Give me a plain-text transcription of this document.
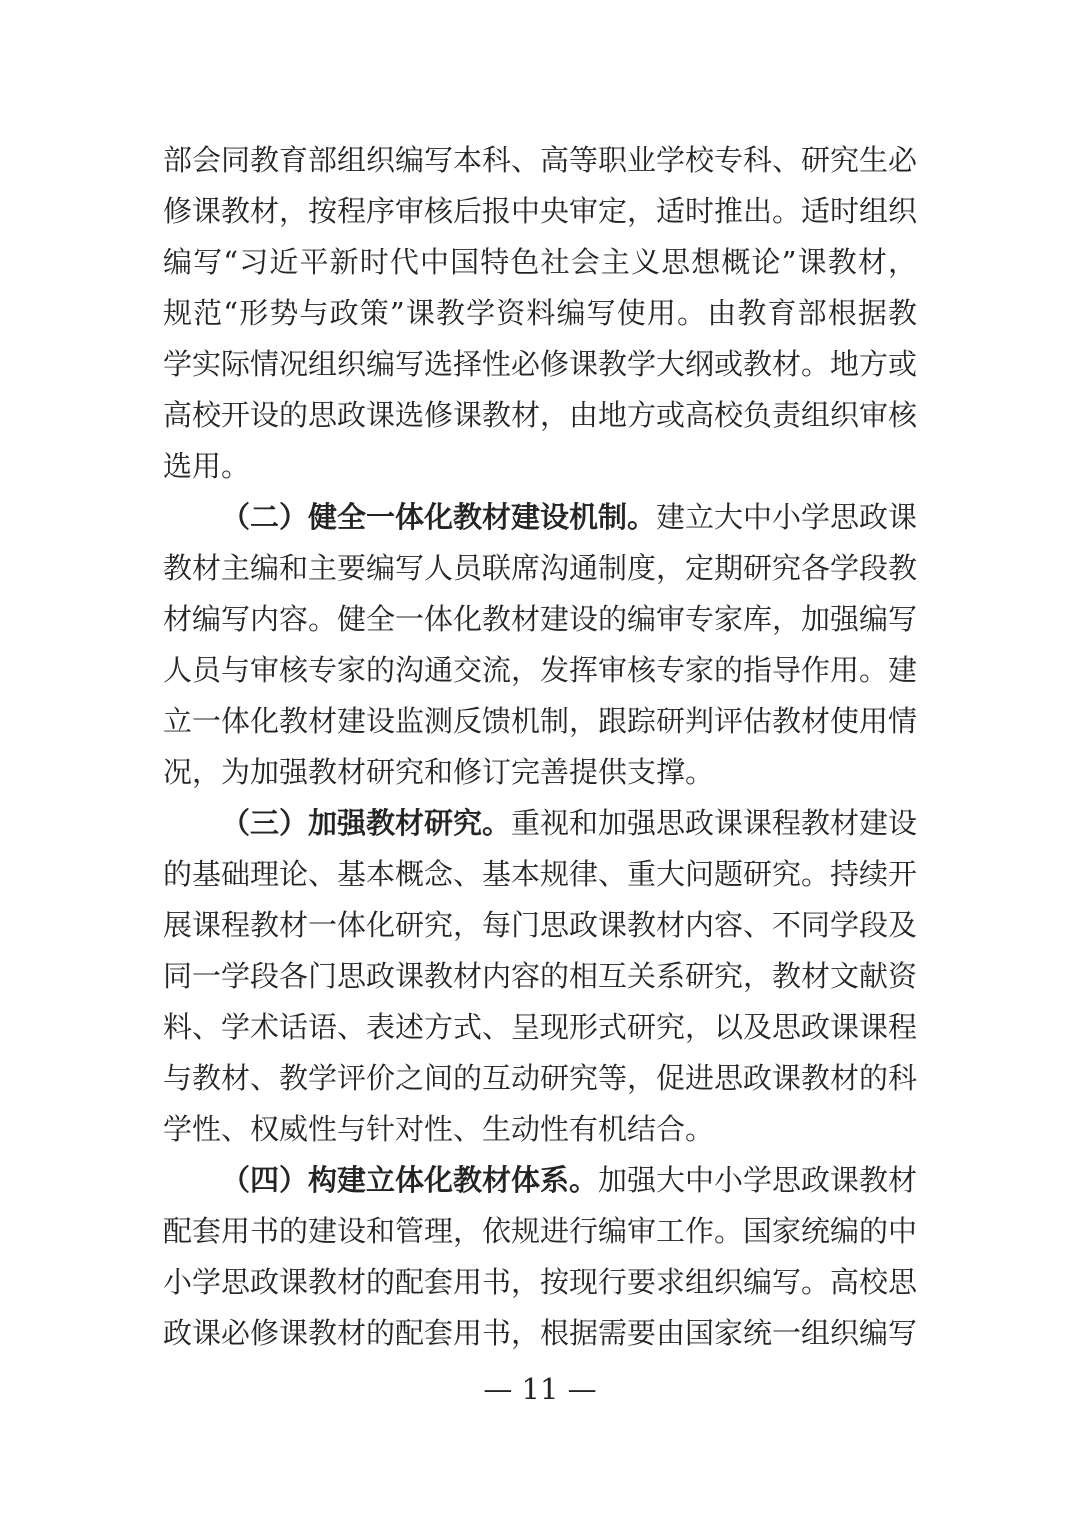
部会同教育部组织编写本科、高等职业学校专科、研究生必
修课教材，按程序审核后报中央审定，适时推出。适时组织
编写“习近平新时代中国特色社会主义思想概论”课教材，
规范“形势与政策”课教学资料编写使用。由教育部根据教
学实际情况组织编写选择性必修课教学大纲或教材。地方或
高校开设的思政课选修课教材，由地方或高校负责组织审核
选用。
（二）健全一体化教材建设机制。建立大中小学思政课
教材主编和主要编写人员联席沟通制度，定期研究各学段教
材编写内容。健全一体化教材建设的编审专家库，加强编写
人员与审核专家的沟通交流，发挥审核专家的指导作用。建
立一体化教材建设监测反馈机制，跟踪研判评估教材使用情
况，为加强教材研究和修订完善提供支撑。
（三）加强教材研究。重视和加强思政课课程教材建设
的基础理论、基本概念、基本规律、重大问题研究。持续开
展课程教材一体化研究，每门思政课教材内容、不同学段及
同一学段各门思政课教材内容的相互关系研究，教材文献资
料、学术话语、表述方式、呈现形式研究，以及思政课课程
与教材、教学评价之间的互动研究等，促进思政课教材的科
学性、权威性与针对性、生动性有机结合。
（四）构建立体化教材体系。加强大中小学思政课教材
配套用书的建设和管理，依规进行编审工作。国家统编的中
小学思政课教材的配套用书，按现行要求组织编写。高校思
政课必修课教材的配套用书，根据需要由国家统一组织编写
— 11 —
